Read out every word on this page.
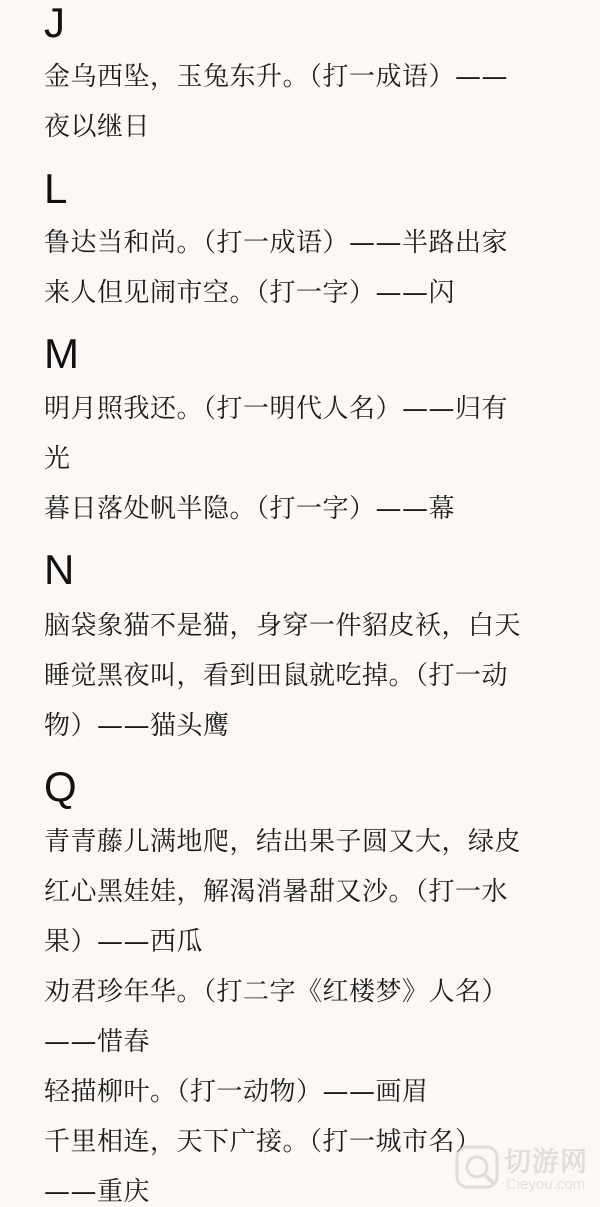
J
金乌西坠，玉兔东升。（打一成语）——
夜以继日
L
鲁达当和尚。（打一成语）——半路出家
来人但见闹市空。（打一字）——闪
M
明月照我还。（打一明代人名）——归有
光
暮日落处帆半隐。（打一字）——幕
N
脑袋象猫不是猫，身穿一件貂皮袄，白天
睡觉黑夜叫，看到田鼠就吃掉。（打一动
物）——猫头鹰
Q
青青藤儿满地爬，结出果子圆又大，绿皮
红心黑娃娃，解渴消暑甜又沙。（打一水
果）——西瓜
劝君珍年华。（打二字《红楼梦》人名）
——惜春
轻描柳叶。（打一动物）——画眉
千里相连，天下广接。（打一城市名）
——重庆
切游网
Cieyou.com
